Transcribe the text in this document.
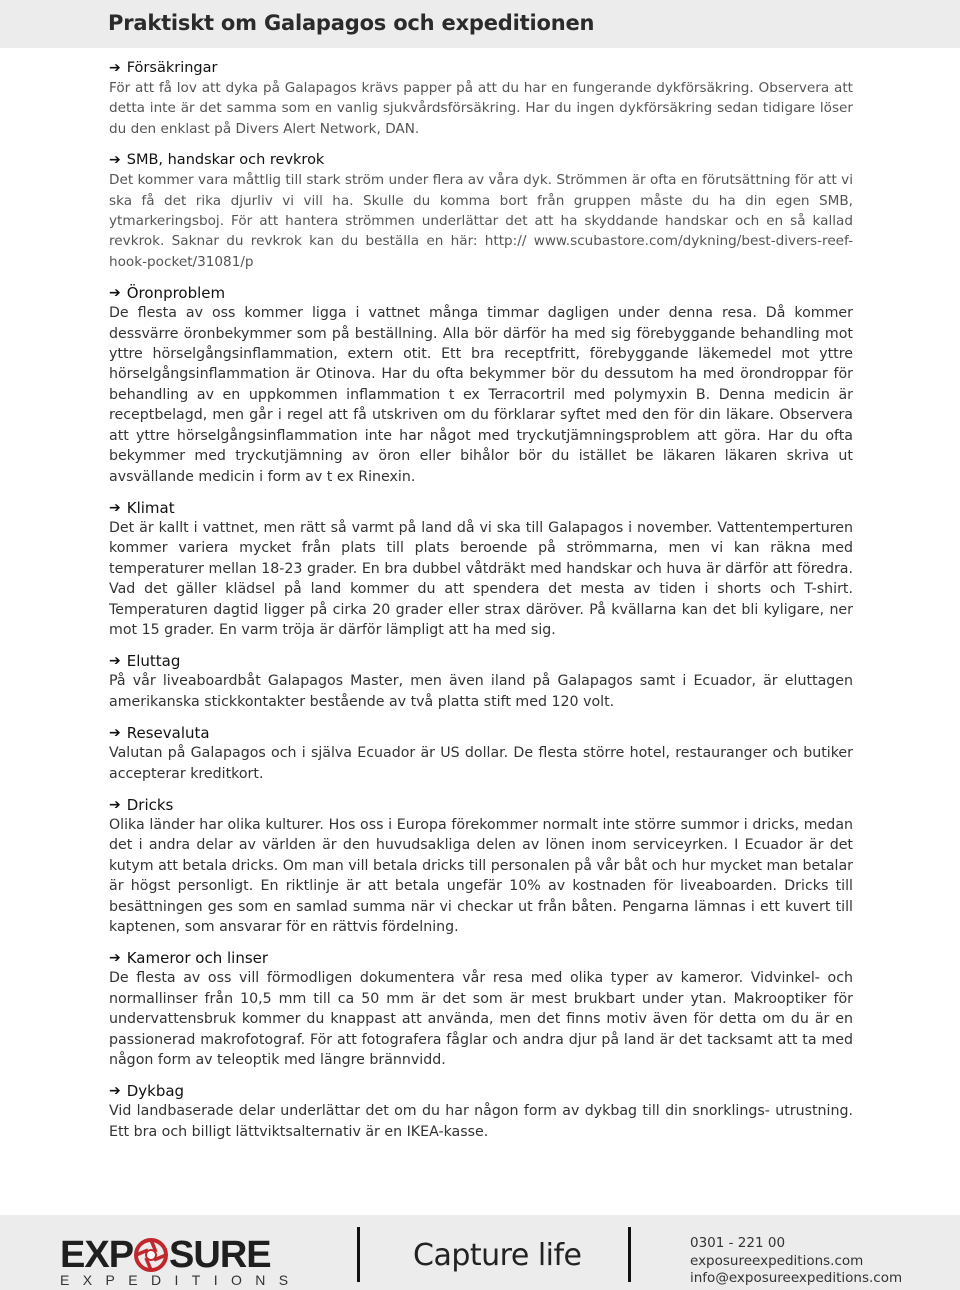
Praktiskt om Galapagos och expeditionen
➔ Försäkringar

För att få lov att dyka på Galapagos krävs papper på att du har en fungerande dykförsäkring. Observera att detta inte är det samma som en vanlig sjukvårdsförsäkring. Har du ingen dykförsäkring sedan tidigare löser du den enklast på Divers Alert Network, DAN.

➔ SMB, handskar och revkrok

Det kommer vara måttlig till stark ström under flera av våra dyk. Strömmen är ofta en förutsättning för att vi ska få det rika djurliv vi vill ha. Skulle du komma bort från gruppen måste du ha din egen SMB, ytmarkeringsboj. För att hantera strömmen underlättar det att ha skyddande handskar och en så kallad revkrok. Saknar du revkrok kan du beställa en här: http:// www.scubastore.com/dykning/best-divers-reef-hook-pocket/31081/p

➔ Öronproblem

De flesta av oss kommer ligga i vattnet många timmar dagligen under denna resa. Då kommer dessvärre öronbekymmer som på beställning. Alla bör därför ha med sig förebyggande behandling mot yttre hörselgångsinflammation, extern otit. Ett bra receptfritt, förebyggande läkemedel mot yttre hörselgångsinflammation är Otinova. Har du ofta bekymmer bör du dessutom ha med örondroppar för behandling av en uppkommen inflammation t ex Terracortril med polymyxin B. Denna medicin är receptbelagd, men går i regel att få utskriven om du förklarar syftet med den för din läkare. Observera att yttre hörselgångsinflammation inte har något med tryckutjämningsproblem att göra. Har du ofta bekymmer med tryckutjämning av öron eller bihålor bör du istället be läkaren läkaren skriva ut avsvällande medicin i form av t ex Rinexin.

➔ Klimat

Det är kallt i vattnet, men rätt så varmt på land då vi ska till Galapagos i november. Vattentemperturen kommer variera mycket från plats till plats beroende på strömmarna, men vi kan räkna med temperaturer mellan 18-23 grader. En bra dubbel våtdräkt med handskar och huva är därför att föredra. Vad det gäller klädsel på land kommer du att spendera det mesta av tiden i shorts och T-shirt. Temperaturen dagtid ligger på cirka 20 grader eller strax däröver. På kvällarna kan det bli kyligare, ner mot 15 grader. En varm tröja är därför lämpligt att ha med sig.

➔ Eluttag

På vår liveaboardbåt Galapagos Master, men även iland på Galapagos samt i Ecuador, är eluttagen amerikanska stickkontakter bestående av två platta stift med 120 volt.

➔ Resevaluta

Valutan på Galapagos och i själva Ecuador är US dollar. De flesta större hotel, restauranger och butiker accepterar kreditkort.

➔ Dricks

Olika länder har olika kulturer. Hos oss i Europa förekommer normalt inte större summor i dricks, medan det i andra delar av världen är den huvudsakliga delen av lönen inom serviceyrken. I Ecuador är det kutym att betala dricks. Om man vill betala dricks till personalen på vår båt och hur mycket man betalar är högst personligt. En riktlinje är att betala ungefär 10% av kostnaden för liveaboarden. Dricks till besättningen ges som en samlad summa när vi checkar ut från båten. Pengarna lämnas i ett kuvert till kaptenen, som ansvarar för en rättvis fördelning.

➔ Kameror och linser

De flesta av oss vill förmodligen dokumentera vår resa med olika typer av kameror. Vidvinkel- och normallinser från 10,5 mm till ca 50 mm är det som är mest brukbart under ytan. Makrooptiker för undervattensbruk kommer du knappast att använda, men det finns motiv även för detta om du är en passionerad makrofotograf. För att fotografera fåglar och andra djur på land är det tacksamt att ta med någon form av teleoptik med längre brännvidd.

➔ Dykbag

Vid landbaserade delar underlättar det om du har någon form av dykbag till din snorklings- utrustning. Ett bra och billigt lättviktsalternativ är en IKEA-kasse.

EXP SURE
EXPEDITIONS
Capture life	0301 - 221 00
exposureexpeditions.com
info@exposureexpeditions.com
